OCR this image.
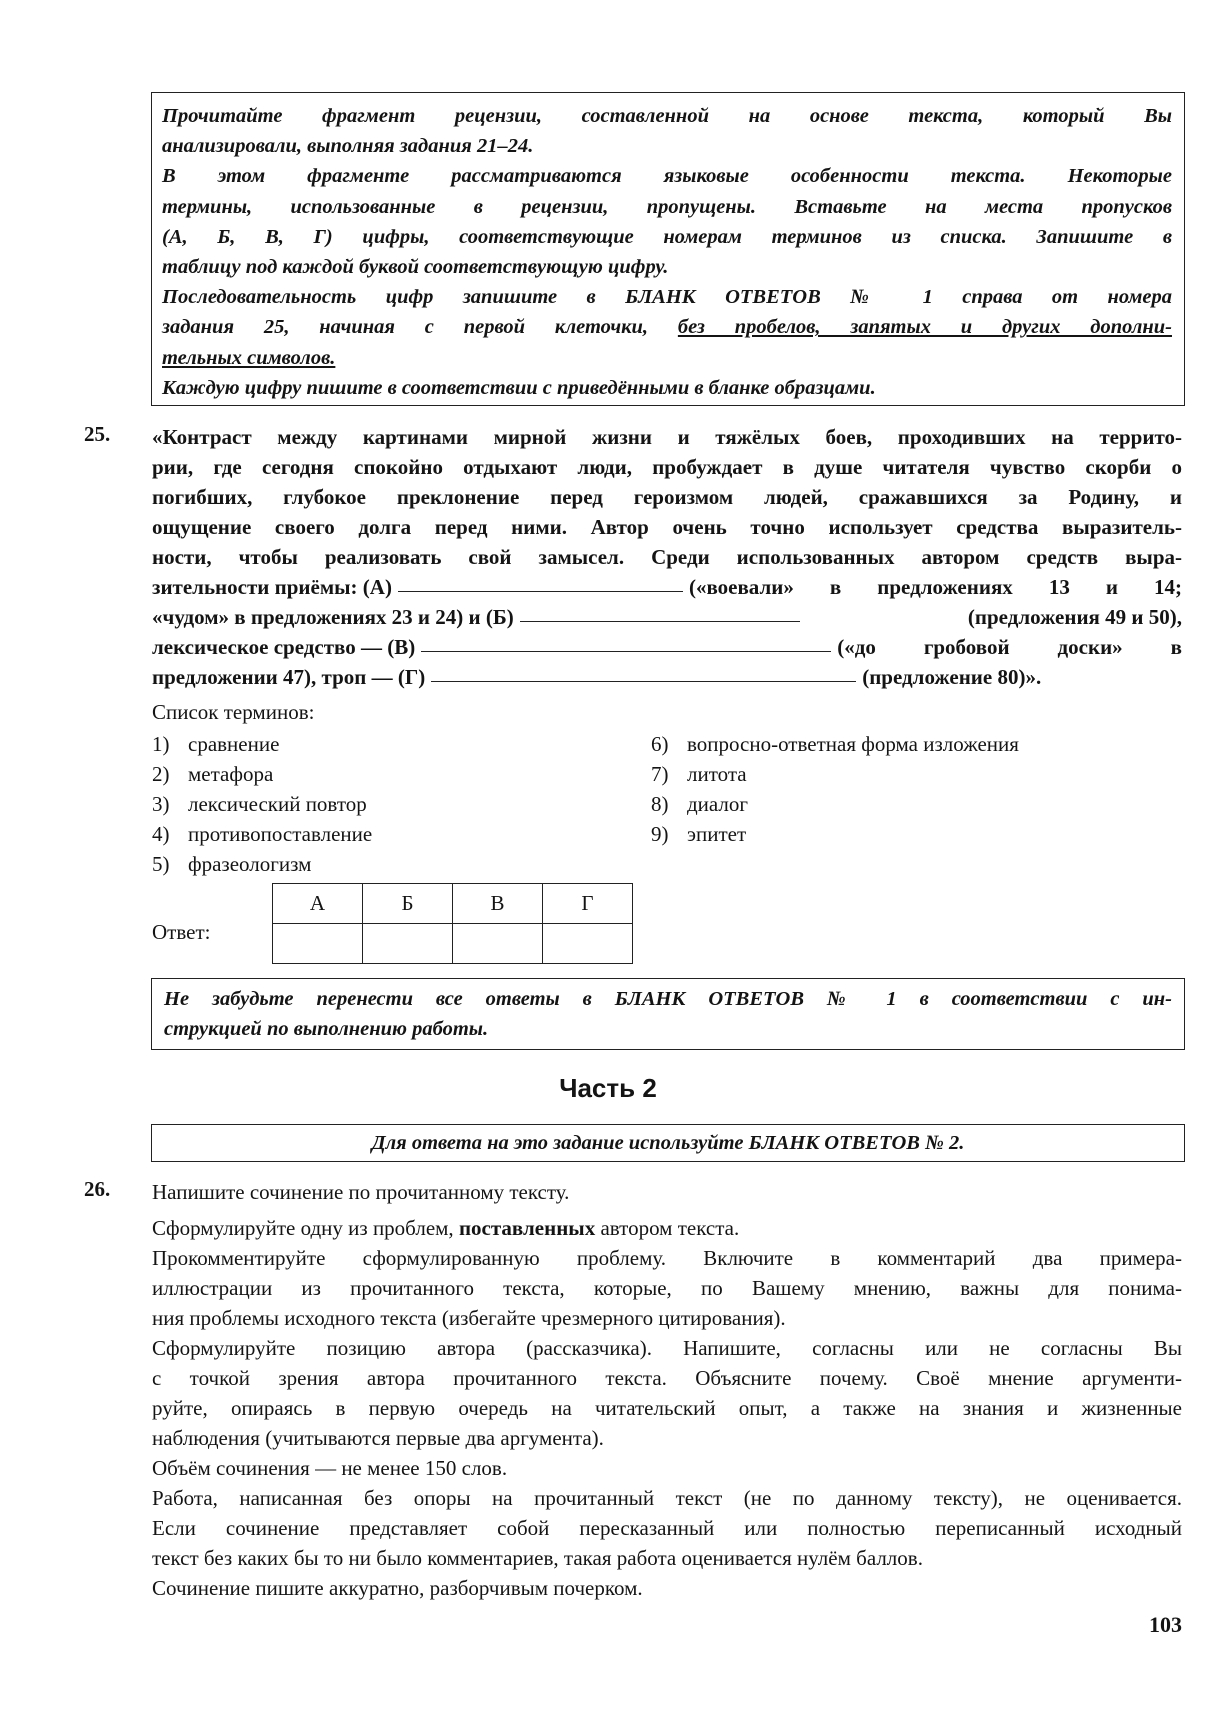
Прочитайте фрагмент рецензии, составленной на основе текста, который Вы
анализировали, выполняя задания 21–24.
В этом фрагменте рассматриваются языковые особенности текста. Некоторые
термины, использованные в рецензии, пропущены. Вставьте на места пропусков
(А, Б, В, Г) цифры, соответствующие номерам терминов из списка. Запишите в
таблицу под каждой буквой соответствующую цифру.
Последовательность цифр запишите в БЛАНК ОТВЕТОВ № 1 справа от номера
задания 25, начиная с первой клеточки, без пробелов, запятых и других дополни-
тельных символов.
Каждую цифру пишите в соответствии с приведёнными в бланке образцами.
25. «Контраст между картинами мирной жизни и тяжёлых боев, проходивших на террито-
рии, где сегодня спокойно отдыхают люди, пробуждает в душе читателя чувство скорби о
погибших, глубокое преклонение перед героизмом людей, сражавшихся за Родину, и
ощущение своего долга перед ними. Автор очень точно использует средства выразитель-
ности, чтобы реализовать свой замысел. Среди использованных автором средств выра-
зительности приёмы: (А)	(«воевали» в предложениях 13 и 14;
«чудом» в предложениях 23 и 24) и (Б)	(предложения 49 и 50),
лексическое средство — (В)	(«до гробовой доски» в
предложении 47), троп — (Г)	(предложение 80)».
Список терминов:
1) сравнение
2) метафора
3) лексический повтор
4) противопоставление
5) фразеологизм
6) вопросно-ответная форма изложения
7) литота
8) диалог
9) эпитет
Ответ:
А	Б	В	Г

Не забудьте перенести все ответы в БЛАНК ОТВЕТОВ № 1 в соответствии с ин-
струкцией по выполнению работы.
Часть 2
Для ответа на это задание используйте БЛАНК ОТВЕТОВ № 2.
26. Напишите сочинение по прочитанному тексту.

Сформулируйте одну из проблем, поставленных автором текста.

Прокомментируйте сформулированную проблему. Включите в комментарий два примера-
иллюстрации из прочитанного текста, которые, по Вашему мнению, важны для понима-

ния проблемы исходного текста (избегайте чрезмерного цитирования).

Сформулируйте позицию автора (рассказчика). Напишите, согласны или не согласны Вы
с точкой зрения автора прочитанного текста. Объясните почему. Своё мнение аргументи-
руйте, опираясь в первую очередь на читательский опыт, а также на знания и жизненные

наблюдения (учитываются первые два аргумента).

Объём сочинения — не менее 150 слов.

Работа, написанная без опоры на прочитанный текст (не по данному тексту), не оценивается.
Если сочинение представляет собой пересказанный или полностью переписанный исходный

текст без каких бы то ни было комментариев, такая работа оценивается нулём баллов.

Сочинение пишите аккуратно, разборчивым почерком.

103
